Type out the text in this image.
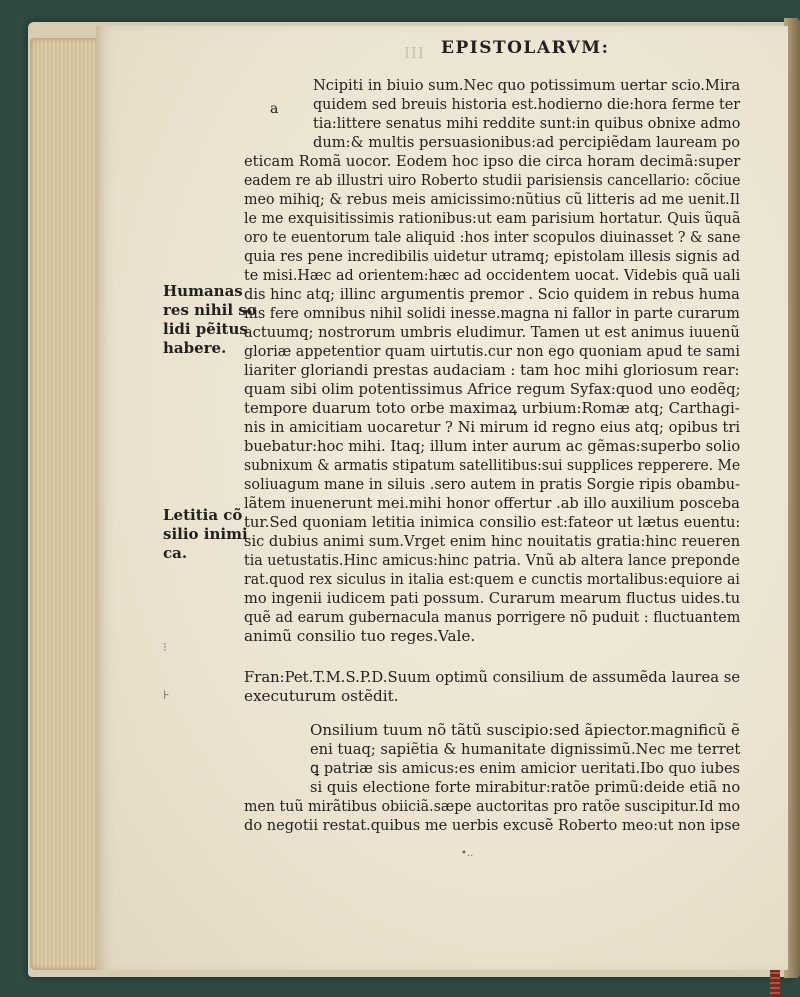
III EPISTOLARVM:
a
Ncipiti in biuio sum.Nec quo potissimum uertar scio.Mira
quidem sed breuis historia est.hodierno die:hora ferme ter
tia:littere senatus mihi reddite sunt:in quibus obnixe admo
dum:& multis persuasionibus:ad percipiẽdam lauream po
eticam Romã uocor. Eodem hoc ipso die circa horam decimã:super
eadem re ab illustri uiro Roberto studii parisiensis cancellario: cõciue
meo mihiq; & rebus meis amicissimo:nũtius cũ litteris ad me uenit.Il
le me exquisitissimis rationibus:ut eam parisium hortatur. Quis ũquã
oro te euentorum tale aliquid :hos inter scopulos diuinasset ? & sane
quia res pene incredibilis uidetur utramq; epistolam illesis signis ad
te misi.Hæc ad orientem:hæc ad occidentem uocat. Videbis quã uali
dis hinc atq; illinc argumentis premor . Scio quidem in rebus huma
nis fere omnibus nihil solidi inesse.magna ni fallor in parte curarum
actuumq; nostrorum umbris eludimur. Tamen ut est animus iuuenũ
gloriæ appetentior quam uirtutis.cur non ego quoniam apud te sami
liariter gloriandi prestas audaciam : tam hoc mihi gloriosum rear:
quam sibi olim potentissimus Africe regum Syfax:quod uno eodẽq;
tempore duarum toto orbe maximaꝝ urbium:Romæ atq; Carthagi-
nis in amicitiam uocaretur ? Ni mirum id regno eius atq; opibus tri
buebatur:hoc mihi. Itaq; illum inter aurum ac gẽmas:superbo solio
subnixum & armatis stipatum satellitibus:sui supplices repperere. Me
soliuagum mane in siluis .sero autem in pratis Sorgie ripis obambu-
lãtem inuenerunt mei.mihi honor offertur .ab illo auxilium posceba
tur.Sed quoniam letitia inimica consilio est:fateor ut lætus euentu:
sic dubius animi sum.Vrget enim hinc nouitatis gratia:hinc reueren
tia uetustatis.Hinc amicus:hinc patria. Vnũ ab altera lance preponde
rat.quod rex siculus in italia est:quem e cunctis mortalibus:equiore ai
mo ingenii iudicem pati possum. Curarum mearum fluctus uides.tu
quẽ ad earum gubernacula manus porrigere nõ puduit : fluctuantem
animũ consilio tuo reges.Vale.
Humanas
res nihil so
lidi pẽitus
habere.
Letitia cõ
silio inimi
ca.
Fran:Pet.T.M.S.P.D.Suum optimũ consilium de assumẽda laurea se
executurum ostẽdit.
Onsilium tuum nõ tãtũ suscipio:sed ãpiector.magnificũ ẽ
eni tuaq; sapiẽtia & humanitate dignissimũ.Nec me terret
ꝗ patriæ sis amicus:es enim amicior ueritati.Ibo quo iubes
si quis electione forte mirabitur:ratõe primũ:deide etiã no
men tuũ mirãtibus obiiciã.sæpe auctoritas pro ratõe suscipitur.Id mo
do negotii restat.quibus me uerbis excusẽ Roberto meo:ut non ipse
⁝
⊦
•..
